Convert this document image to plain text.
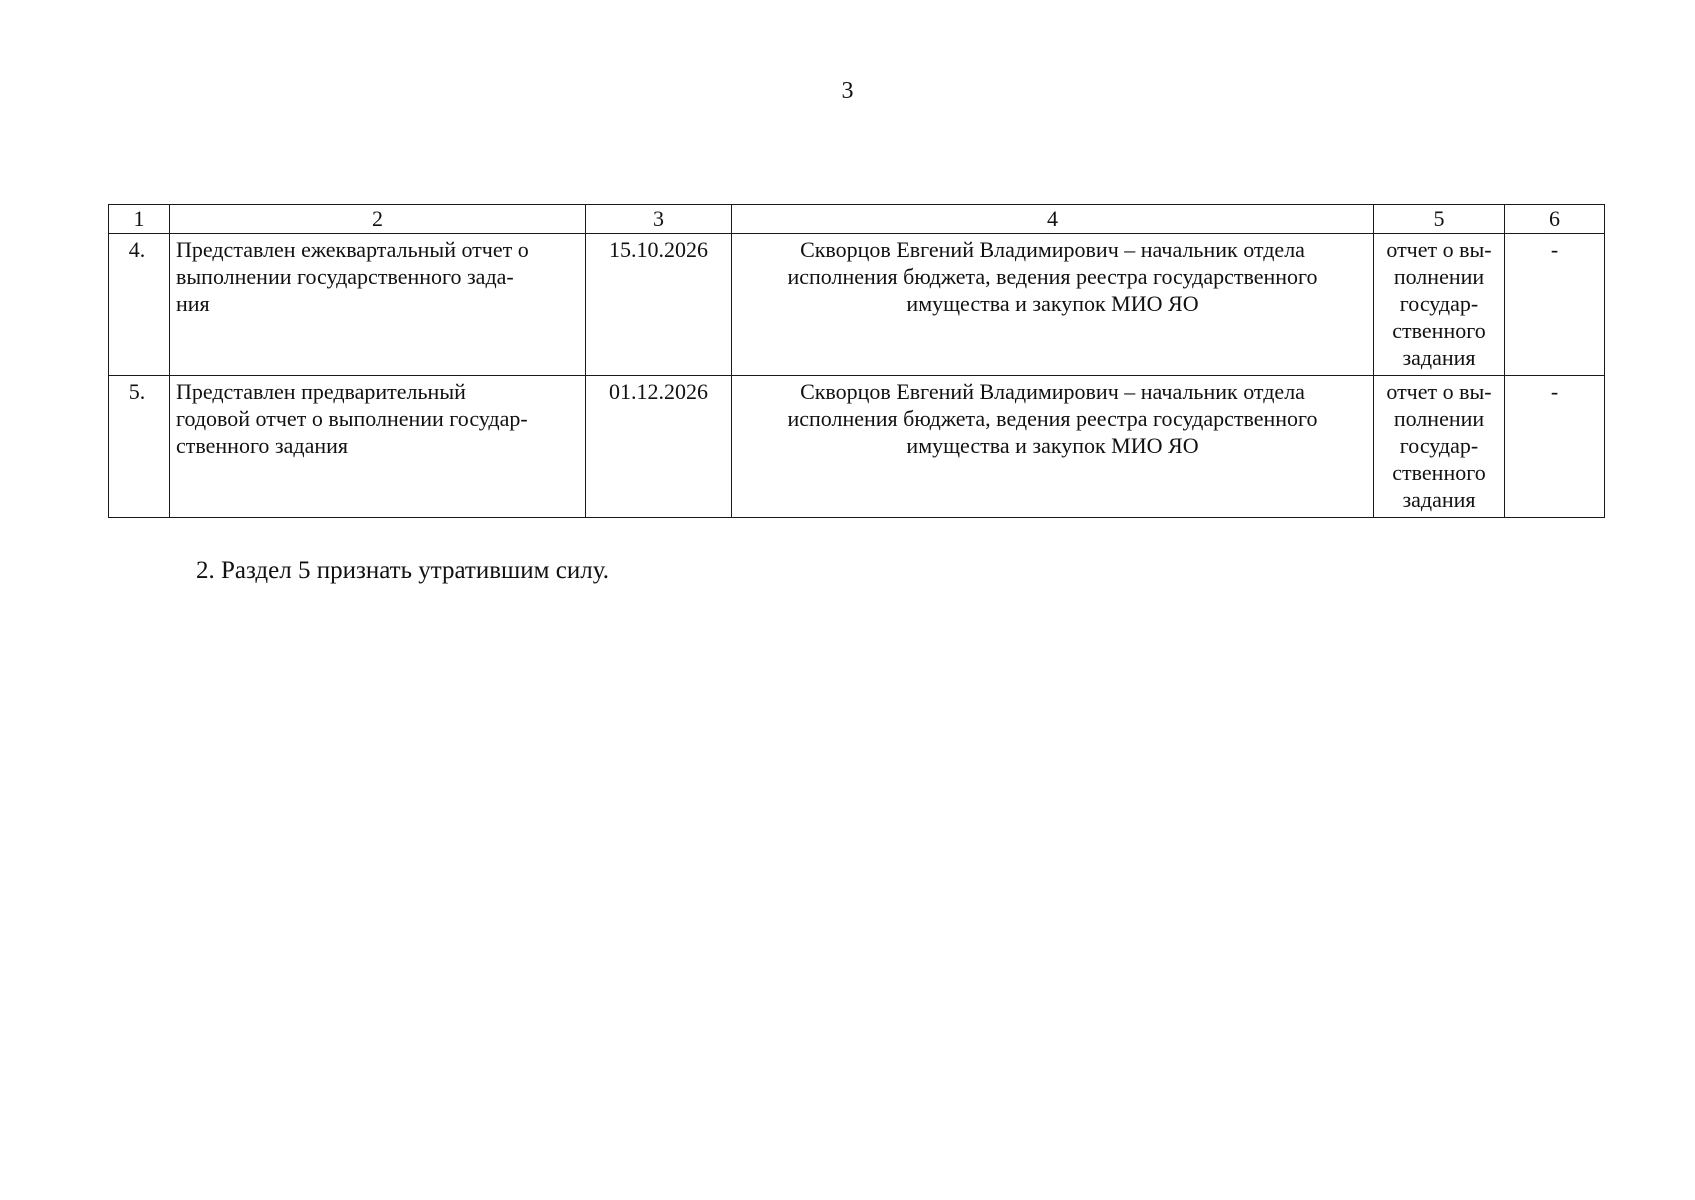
3
1	2	3	4	5	6
4.	Представлен ежеквартальный отчет о
выполнении государственного зада-
ния	15.10.2026	Скворцов Евгений Владимирович – начальник отдела
исполнения бюджета, ведения реестра государственного
имущества и закупок МИО ЯО	отчет о вы-
полнении
государ-
ственного
задания	-
5.	Представлен предварительный
годовой отчет о выполнении государ-
ственного задания	01.12.2026	Скворцов Евгений Владимирович – начальник отдела
исполнения бюджета, ведения реестра государственного
имущества и закупок МИО ЯО	отчет о вы-
полнении
государ-
ственного
задания	-
2. Раздел 5 признать утратившим силу.
